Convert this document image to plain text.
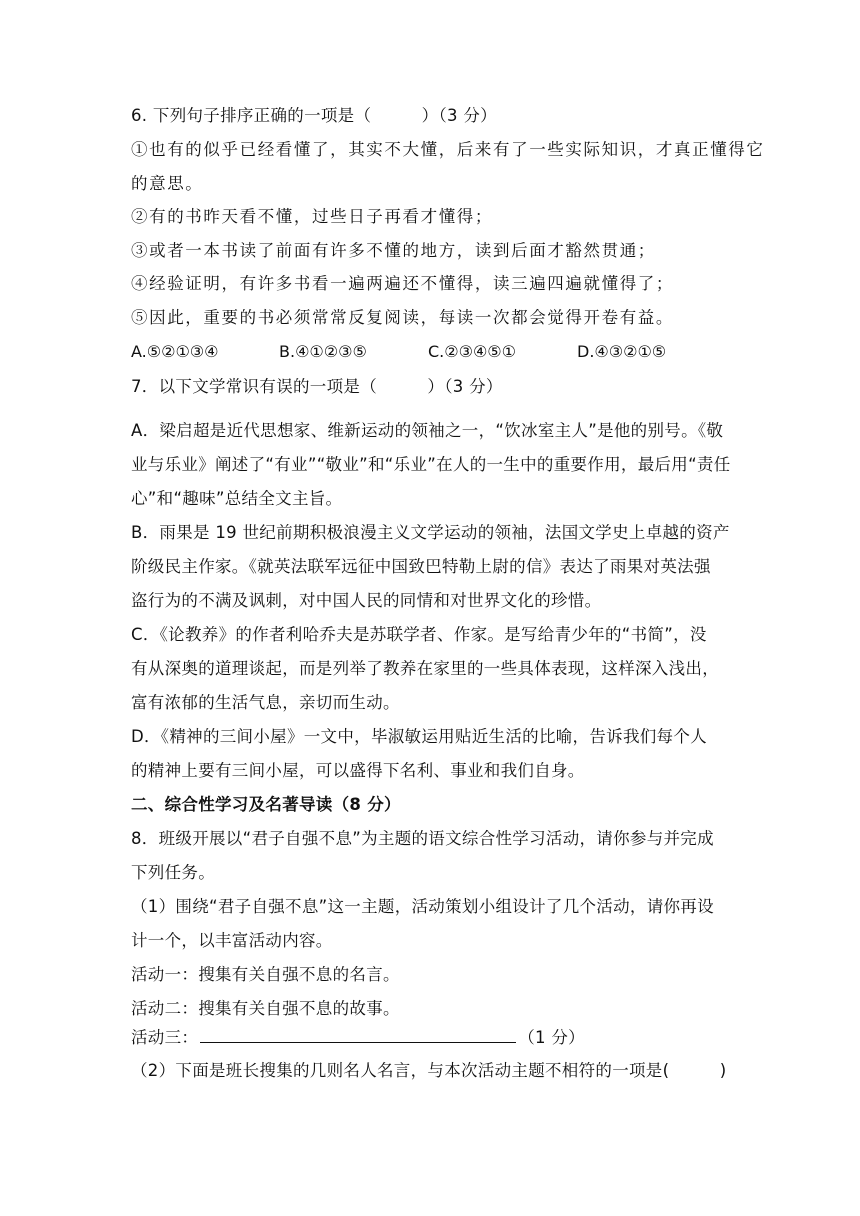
6. 下列句子排序正确的一项是（　　　）（3 分）
①也有的似乎已经看懂了，其实不大懂，后来有了一些实际知识，才真正懂得它
的意思。
②有的书昨天看不懂，过些日子再看才懂得；
③或者一本书读了前面有许多不懂的地方，读到后面才豁然贯通；
④经验证明，有许多书看一遍两遍还不懂得，读三遍四遍就懂得了；
⑤因此，重要的书必须常常反复阅读，每读一次都会觉得开卷有益。
A.⑤②①③④	B.④①②③⑤	C.②③④⑤①	D.④③②①⑤
7．以下文学常识有误的一项是（　　　）（3 分）
A．梁启超是近代思想家、维新运动的领袖之一，“饮冰室主人”是他的别号。《敬
业与乐业》阐述了“有业”“敬业”和“乐业”在人的一生中的重要作用，最后用“责任
心”和“趣味”总结全文主旨。
B．雨果是 19 世纪前期积极浪漫主义文学运动的领袖，法国文学史上卓越的资产
阶级民主作家。《就英法联军远征中国致巴特勒上尉的信》表达了雨果对英法强
盗行为的不满及讽刺，对中国人民的同情和对世界文化的珍惜。
C．《论教养》的作者利哈乔夫是苏联学者、作家。是写给青少年的“书简”，没
有从深奥的道理谈起，而是列举了教养在家里的一些具体表现，这样深入浅出，
富有浓郁的生活气息，亲切而生动。
D．《精神的三间小屋》一文中，毕淑敏运用贴近生活的比喻，告诉我们每个人
的精神上要有三间小屋，可以盛得下名利、事业和我们自身。
二、综合性学习及名著导读（8 分）
8．班级开展以“君子自强不息”为主题的语文综合性学习活动，请你参与并完成
下列任务。
（1）围绕“君子自强不息”这一主题，活动策划小组设计了几个活动，请你再设
计一个，以丰富活动内容。
活动一：搜集有关自强不息的名言。
活动二：搜集有关自强不息的故事。
活动三：	（1 分）
（2）下面是班长搜集的几则名人名言，与本次活动主题不相符的一项是(　　　)
